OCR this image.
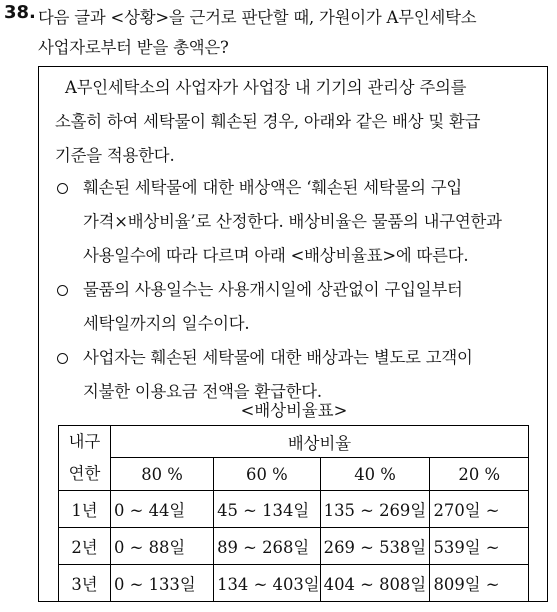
38. 다음 글과 <상황>을 근거로 판단할 때, 가원이가 A무인세탁소
사업자로부터 받을 총액은?
A무인세탁소의 사업자가 사업장 내 기기의 관리상 주의를
소홀히 하여 세탁물이 훼손된 경우, 아래와 같은 배상 및 환급
기준을 적용한다.
훼손된 세탁물에 대한 배상액은 ‘훼손된 세탁물의 구입
가격×배상비율’로 산정한다. 배상비율은 물품의 내구연한과
사용일수에 따라 다르며 아래 <배상비율표>에 따른다.
물품의 사용일수는 사용개시일에 상관없이 구입일부터
세탁일까지의 일수이다.
사업자는 훼손된 세탁물에 대한 배상과는 별도로 고객이
지불한 이용요금 전액을 환급한다.
<배상비율표>
내구
연한	배상비율			
	80 %	60 %	40 %	20 %
1년	0 ~ 44일	45 ~ 134일	135 ~ 269일	270일 ~
2년	0 ~ 88일	89 ~ 268일	269 ~ 538일	539일 ~
3년	0 ~ 133일	134 ~ 403일	404 ~ 808일	809일 ~
